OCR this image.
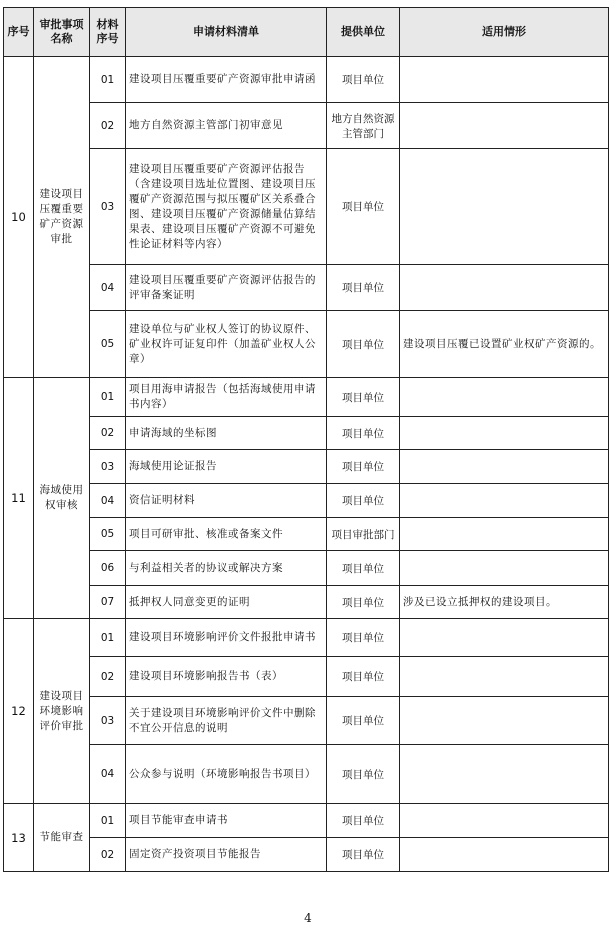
序号	审批事项名称	材料序号	申请材料清单	提供单位	适用情形
10	建设项目压覆重要矿产资源审批	01	建设项目压覆重要矿产资源审批申请函	项目单位	
		02	地方自然资源主管部门初审意见	地方自然资源主管部门	
		03	建设项目压覆重要矿产资源评估报告（含建设项目选址位置图、建设项目压覆矿产资源范围与拟压覆矿区关系叠合图、建设项目压覆矿产资源储量估算结果表、建设项目压覆矿产资源不可避免性论证材料等内容）	项目单位	
		04	建设项目压覆重要矿产资源评估报告的评审备案证明	项目单位	
		05	建设单位与矿业权人签订的协议原件、矿业权许可证复印件（加盖矿业权人公章）	项目单位	建设项目压覆已设置矿业权矿产资源的。
11	海域使用权审核	01	项目用海申请报告（包括海域使用申请书内容）	项目单位	
		02	申请海域的坐标图	项目单位	
		03	海域使用论证报告	项目单位	
		04	资信证明材料	项目单位	
		05	项目可研审批、核准或备案文件	项目审批部门	
		06	与利益相关者的协议或解决方案	项目单位	
		07	抵押权人同意变更的证明	项目单位	涉及已设立抵押权的建设项目。
12	建设项目环境影响评价审批	01	建设项目环境影响评价文件报批申请书	项目单位	
		02	建设项目环境影响报告书（表）	项目单位	
		03	关于建设项目环境影响评价文件中删除不宜公开信息的说明	项目单位	
		04	公众参与说明（环境影响报告书项目）	项目单位	
13	节能审查	01	项目节能审查申请书	项目单位	
		02	固定资产投资项目节能报告	项目单位	
4
